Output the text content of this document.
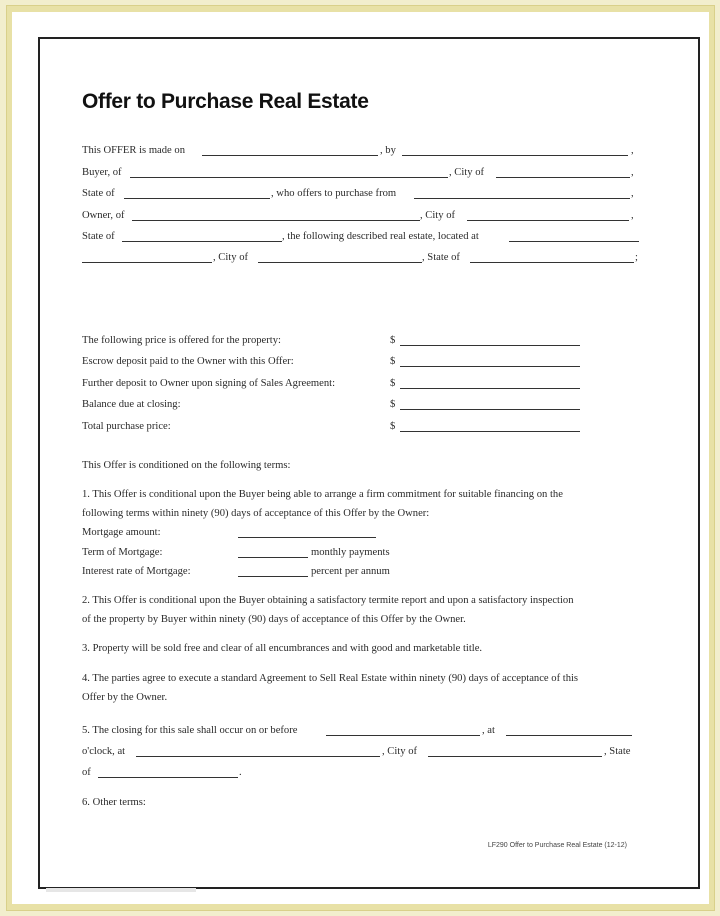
Offer to Purchase Real Estate
This OFFER is made on	, by	,
Buyer, of	, City of	,
State of	, who offers to purchase from	,
Owner, of	, City of	,
State of	, the following described real estate, located at
, City of	, State of	;
The following price is offered for the property:	$
Escrow deposit paid to the Owner with this Offer:	$
Further deposit to Owner upon signing of Sales Agreement:	$
Balance due at closing:	$
Total purchase price:	$
This Offer is conditioned on the following terms:
1. This Offer is conditional upon the Buyer being able to arrange a firm commitment for suitable financing on the
following terms within ninety (90) days of acceptance of this Offer by the Owner:
Mortgage amount:
Term of Mortgage:	monthly payments
Interest rate of Mortgage:	percent per annum
2. This Offer is conditional upon the Buyer obtaining a satisfactory termite report and upon a satisfactory inspection
of the property by Buyer within ninety (90) days of acceptance of this Offer by the Owner.
3. Property will be sold free and clear of all encumbrances and with good and marketable title.
4. The parties agree to execute a standard Agreement to Sell Real Estate within ninety (90) days of acceptance of this
Offer by the Owner.
5. The closing for this sale shall occur on or before	, at
o'clock, at	, City of	, State
of	.
6. Other terms:
LF290 Offer to Purchase Real Estate (12-12)
